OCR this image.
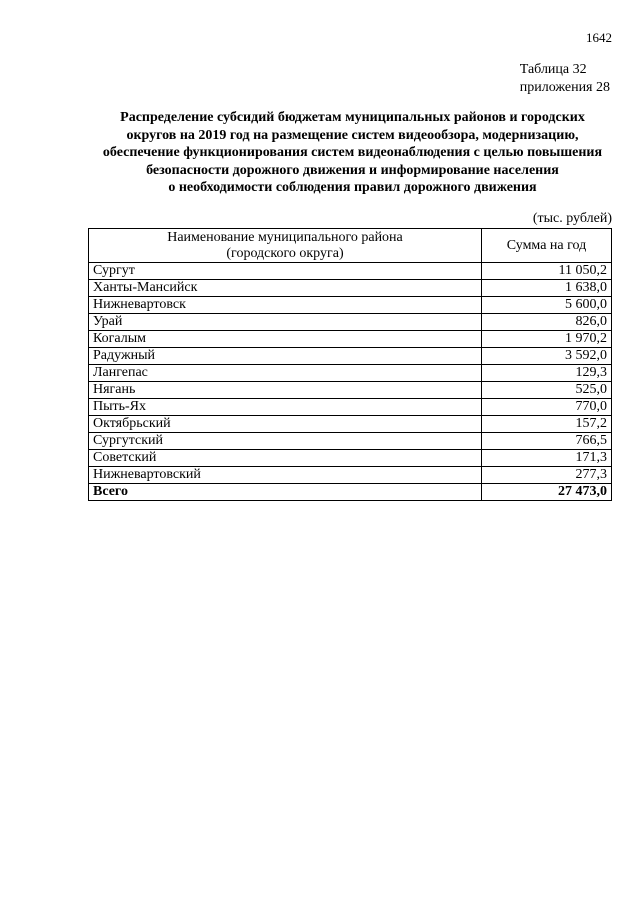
1642
Таблица 32
приложения 28
Распределение субсидий бюджетам муниципальных районов и городских
округов на 2019 год на размещение систем видеообзора, модернизацию,
обеспечение функционирования систем видеонаблюдения с целью повышения
безопасности дорожного движения и информирование населения
о необходимости соблюдения правил дорожного движения
(тыс. рублей)
Наименование муниципального района
(городского округа)	Сумма на год
Сургут	11 050,2
Ханты-Мансийск	1 638,0
Нижневартовск	5 600,0
Урай	826,0
Когалым	1 970,2
Радужный	3 592,0
Лангепас	129,3
Нягань	525,0
Пыть-Ях	770,0
Октябрьский	157,2
Сургутский	766,5
Советский	171,3
Нижневартовский	277,3
Всего	27 473,0
